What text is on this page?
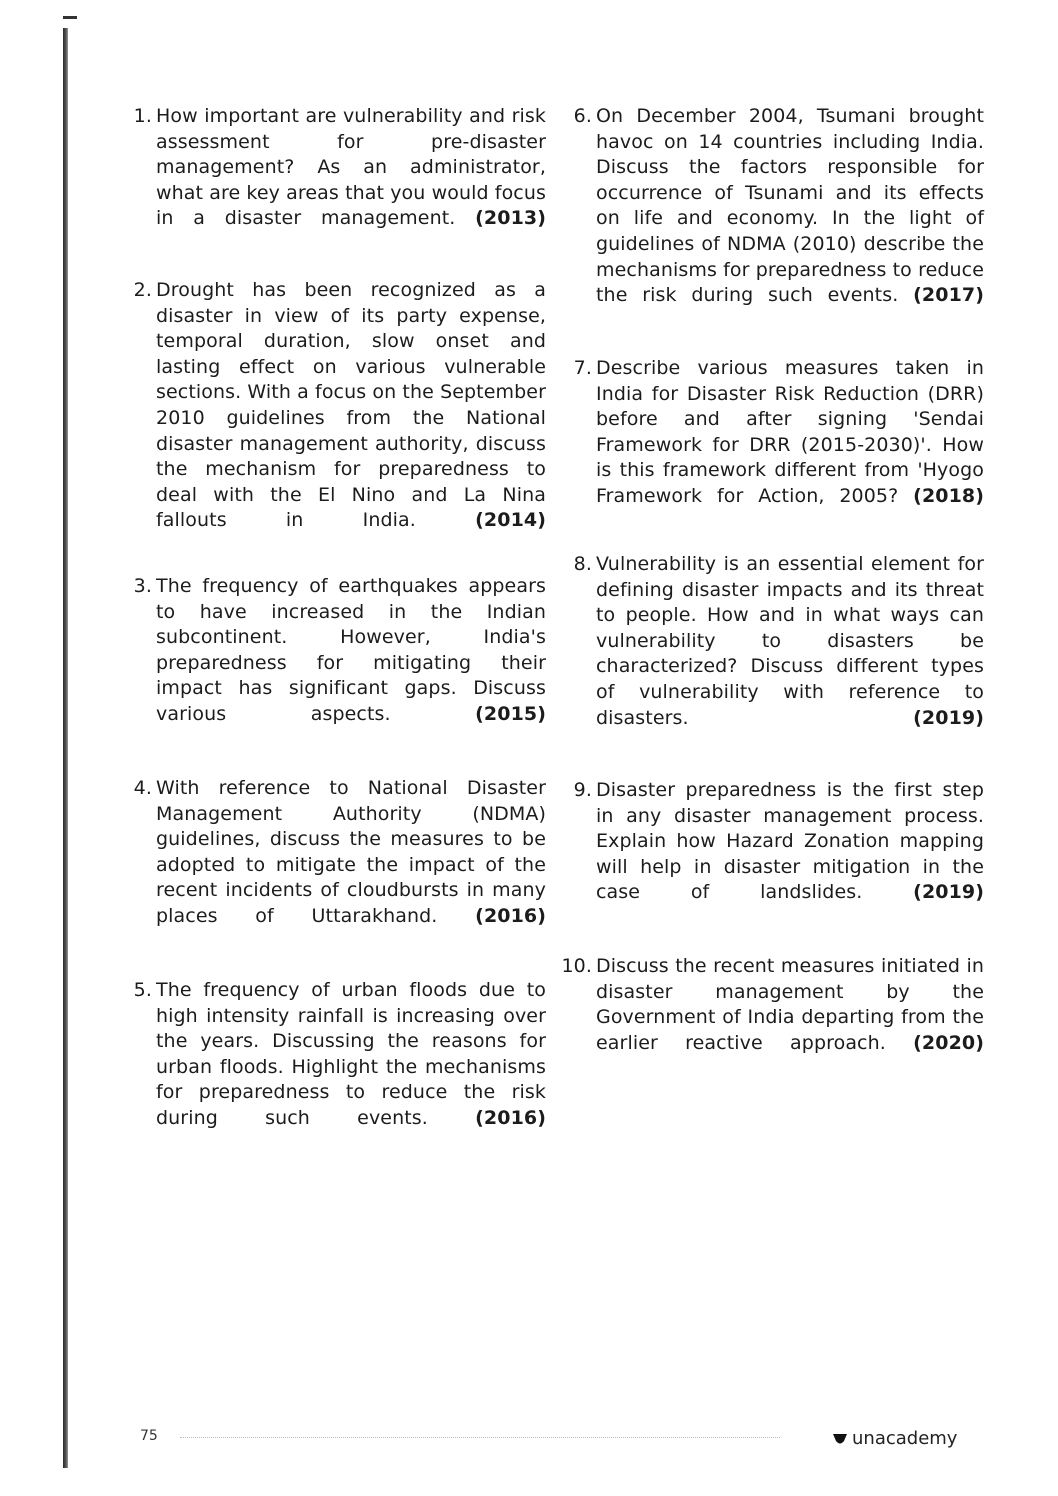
1. How important are vulnerability and risk assessment for pre-disaster management? As an administrator, what are key areas that you would focus in a disaster management. (2013)
2. Drought has been recognized as a disaster in view of its party expense, temporal duration, slow onset and lasting effect on various vulnerable sections. With a focus on the September 2010 guidelines from the National disaster management authority, discuss the mechanism for preparedness to deal with the El Nino and La Nina fallouts in India.	(2014)
3. The frequency of earthquakes appears to have increased in the Indian subcontinent. However, India's preparedness for mitigating their impact has significant gaps. Discuss various aspects.	(2015)
4. With reference to National Disaster Management Authority (NDMA) guidelines, discuss the measures to be adopted to mitigate the impact of the recent incidents of cloudbursts in many places of Uttarakhand. (2016)
5. The frequency of urban floods due to high intensity rainfall is increasing over the years. Discussing the reasons for urban floods. Highlight the mechanisms for preparedness to reduce the risk during such events. (2016)
6. On December 2004, Tsumani brought havoc on 14 countries including India. Discuss the factors responsible for occurrence of Tsunami and its effects on life and economy. In the light of guidelines of NDMA (2010) describe the mechanisms for preparedness to reduce the risk during such events. (2017)
7. Describe various measures taken in India for Disaster Risk Reduction (DRR) before and after signing 'Sendai Framework for DRR (2015-2030)'. How is this framework different from 'Hyogo Framework for Action, 2005? (2018)
8. Vulnerability is an essential element for defining disaster impacts and its threat to people. How and in what ways can vulnerability to disasters be characterized? Discuss different types of vulnerability with reference to disasters.	(2019)
9. Disaster preparedness is the first step in any disaster management process. Explain how Hazard Zonation mapping will help in disaster mitigation in the case of landslides.	(2019)
10. Discuss the recent measures initiated in disaster management by the Government of India departing from the earlier reactive approach. (2020)
75	unacademy
